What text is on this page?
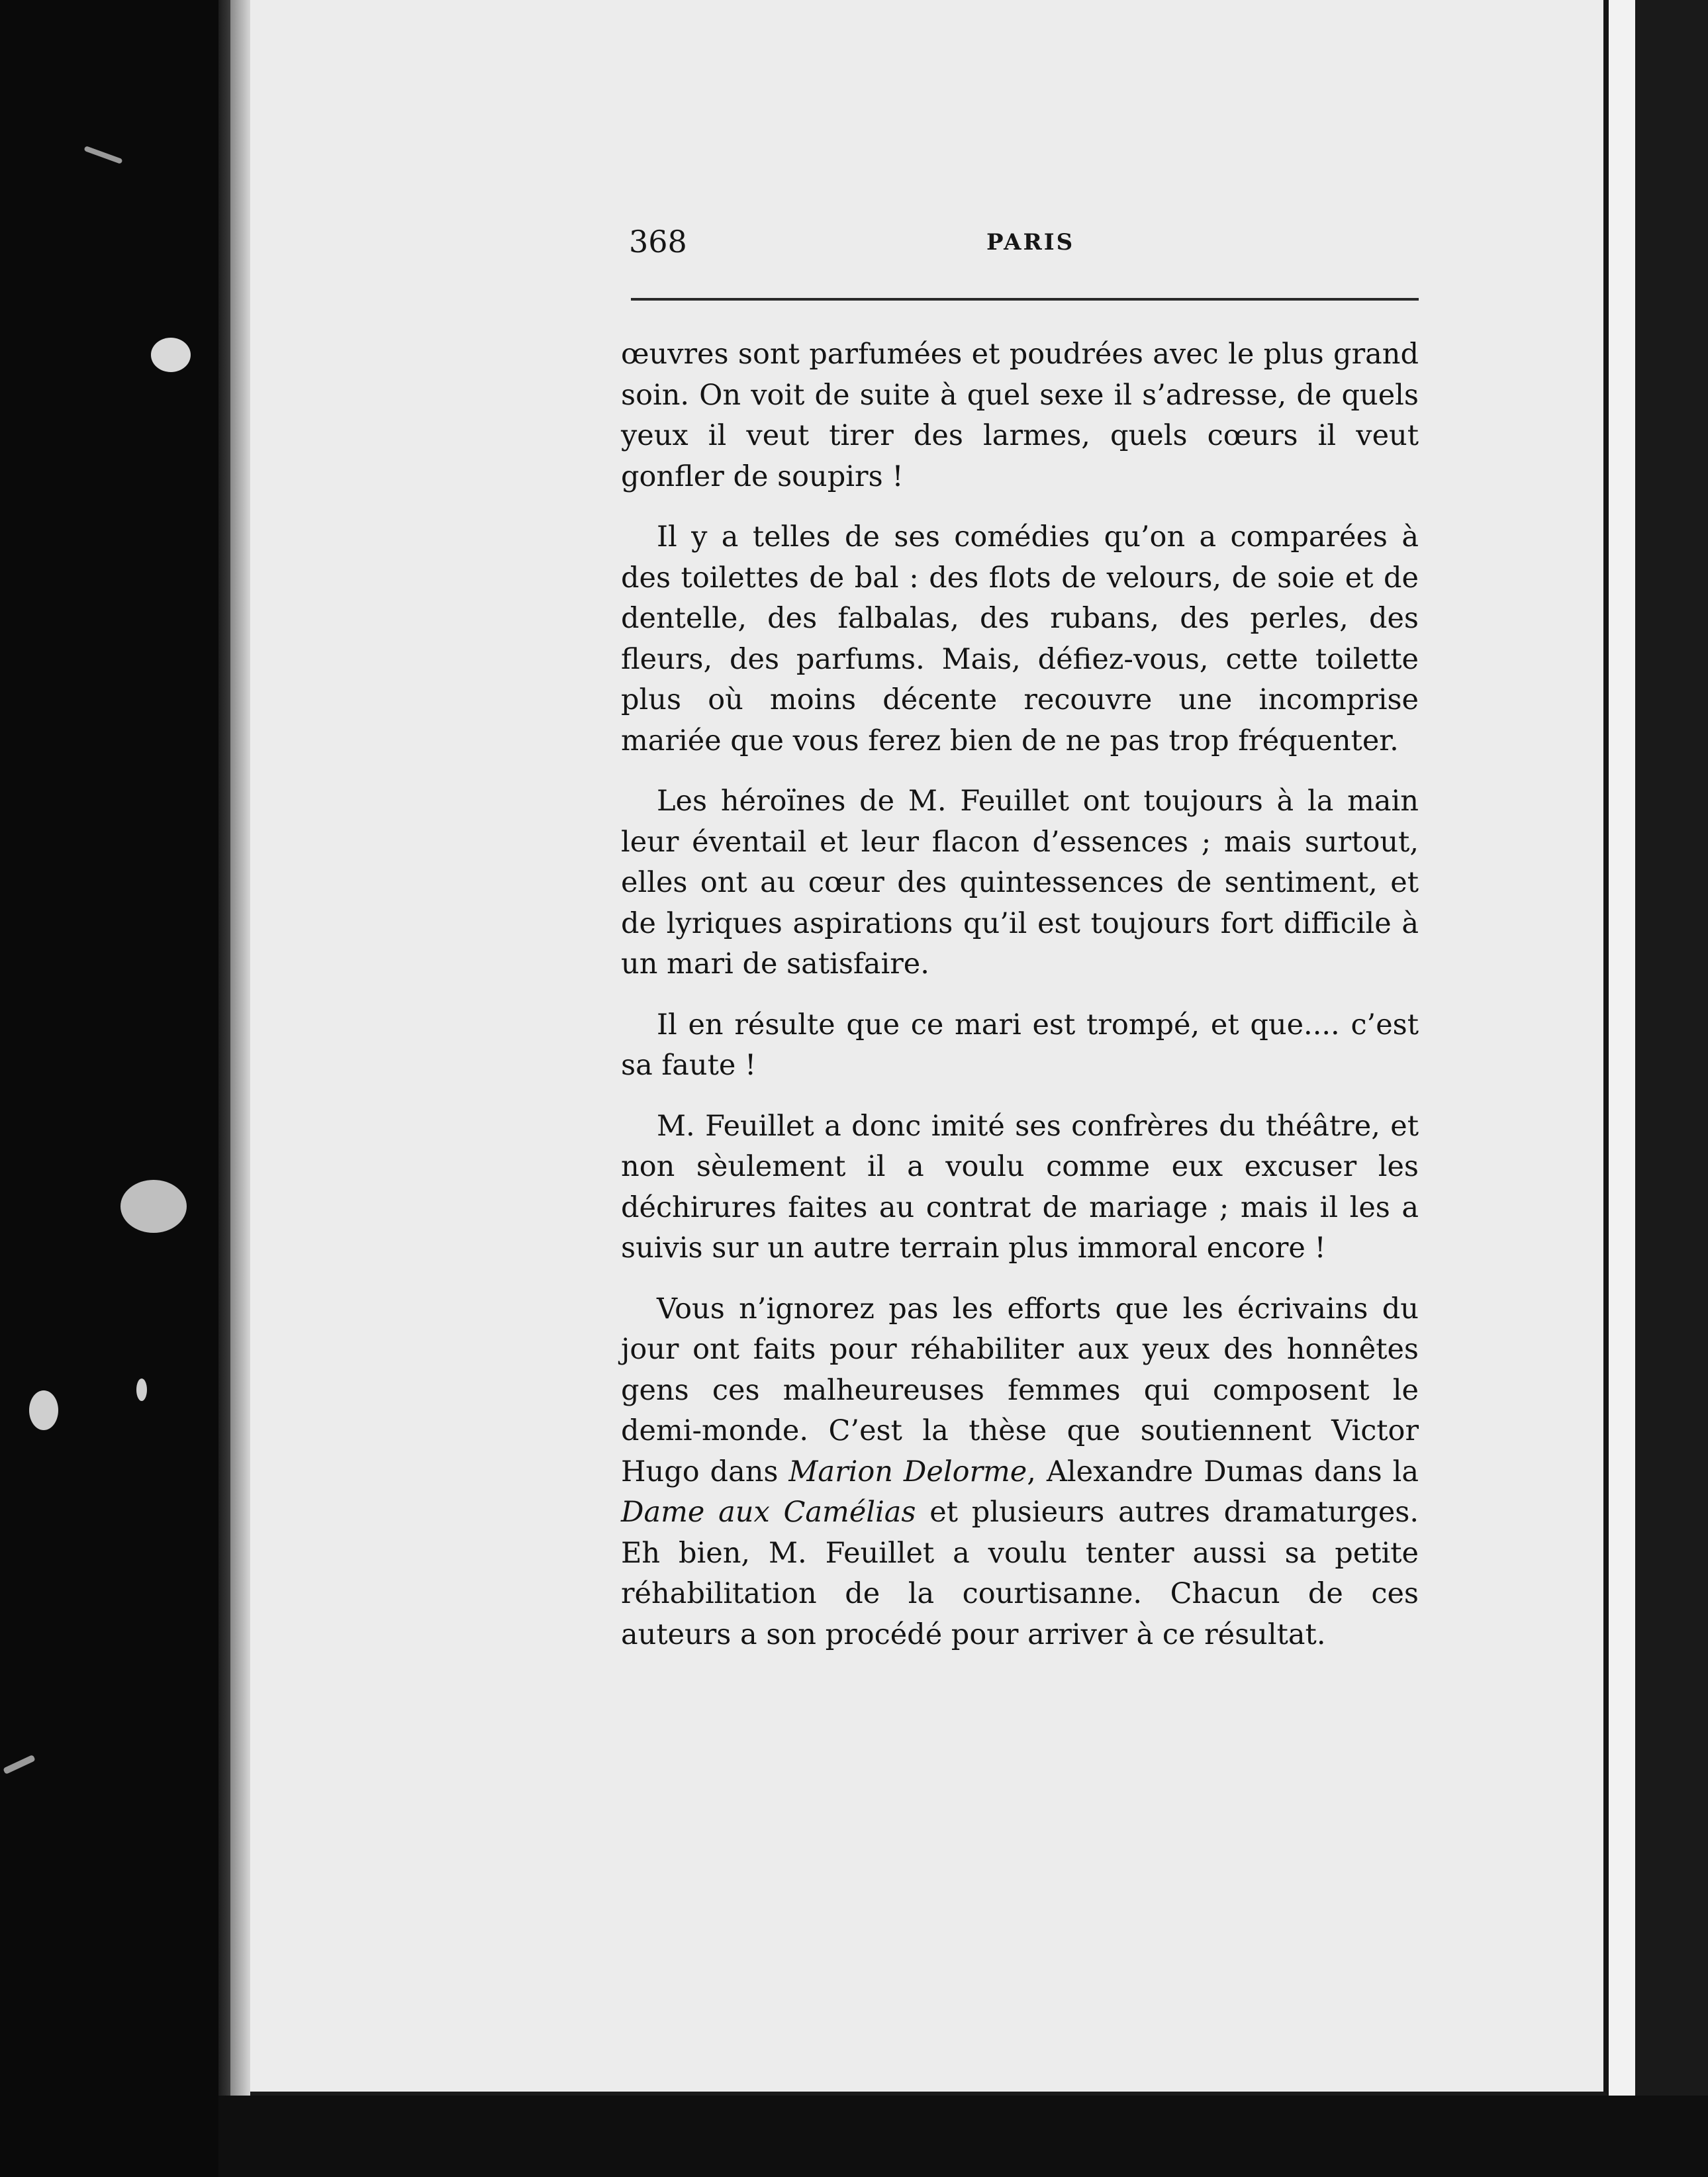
368	PARIS

œuvres sont parfumées et poudrées avec le plus grand soin. On voit de suite à quel sexe il s’adresse, de quels yeux il veut tirer des larmes, quels cœurs il veut gonfler de soupirs !

Il y a telles de ses comédies qu’on a comparées à des toilettes de bal : des flots de velours, de soie et de dentelle, des falbalas, des rubans, des perles, des fleurs, des parfums. Mais, défiez-vous, cette toilette plus où moins décente recouvre une incomprise mariée que vous ferez bien de ne pas trop fréquenter.

Les héroïnes de M. Feuillet ont toujours à la main leur éventail et leur flacon d’essences ; mais surtout, elles ont au cœur des quintessences de sentiment, et de lyriques aspirations qu’il est toujours fort difficile à un mari de satisfaire.

Il en résulte que ce mari est trompé, et que.... c’est sa faute !

M. Feuillet a donc imité ses confrères du théâtre, et non sèulement il a voulu comme eux excuser les déchirures faites au contrat de mariage ; mais il les a suivis sur un autre terrain plus immoral encore !

Vous n’ignorez pas les efforts que les écrivains du jour ont faits pour réhabiliter aux yeux des honnêtes gens ces malheureuses femmes qui composent le demi-monde. C’est la thèse que soutiennent Victor Hugo dans Marion Delorme, Alexandre Dumas dans la Dame aux Camélias et plusieurs autres dramaturges. Eh bien, M. Feuillet a voulu tenter aussi sa petite réhabilitation de la courtisanne. Chacun de ces auteurs a son procédé pour arriver à ce résultat.
